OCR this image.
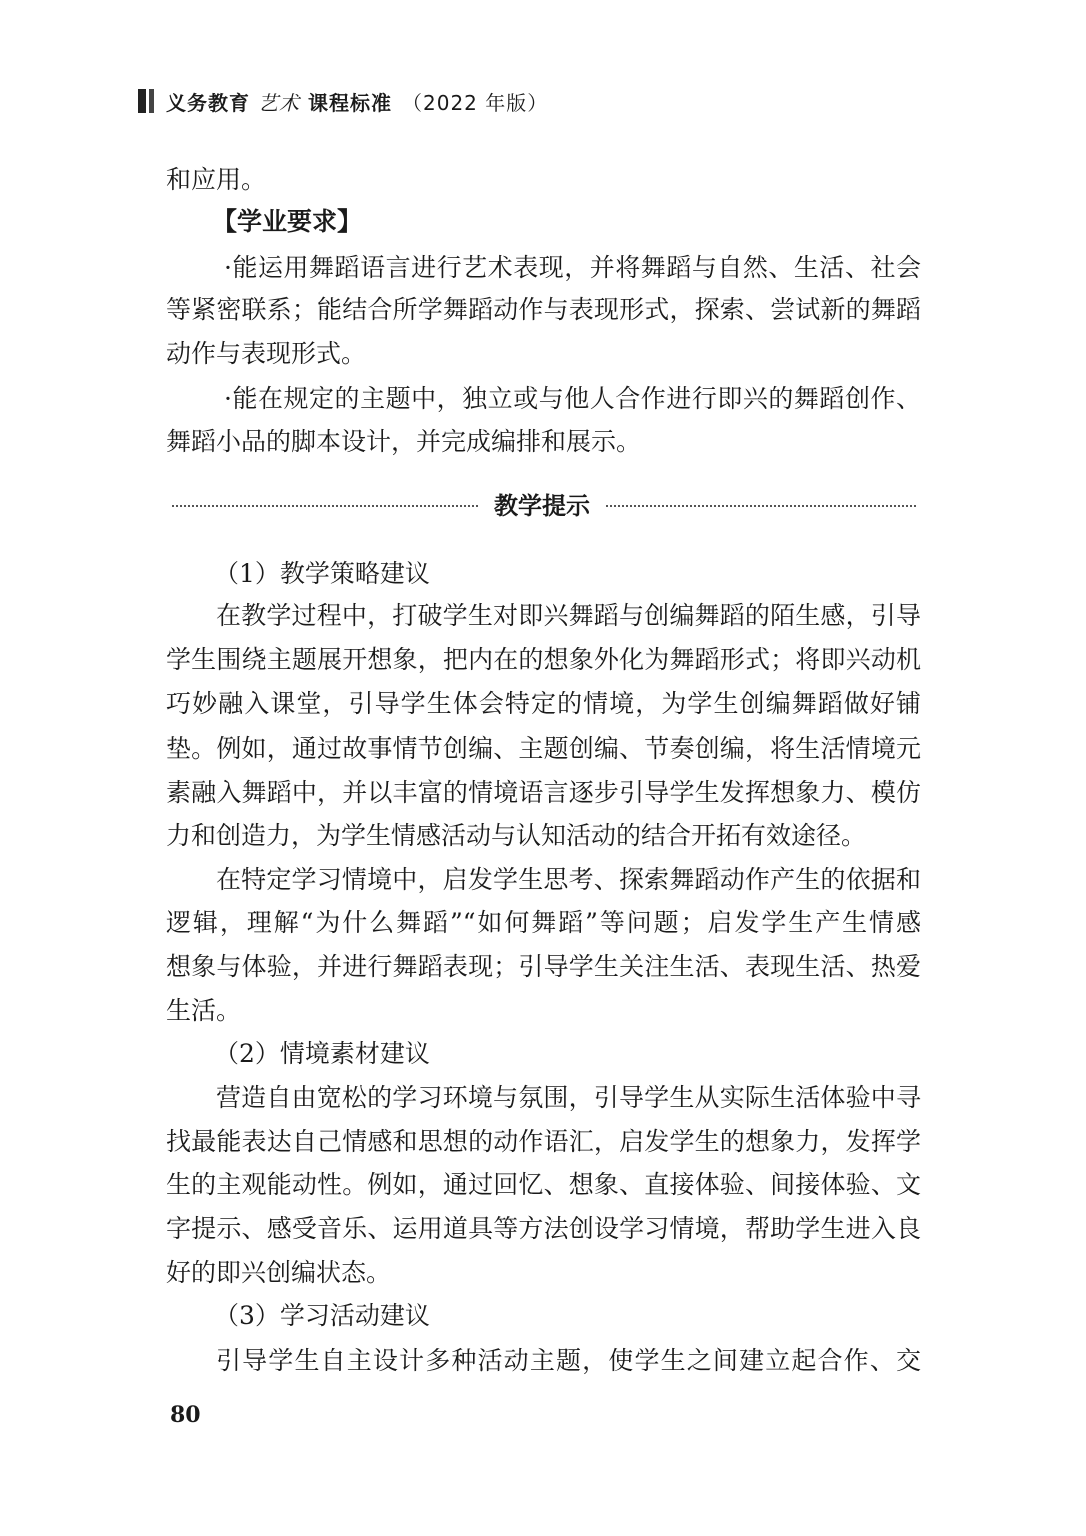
义务教育 艺术 课程标准 （2022 年版）
和应用。
【学业要求】
·能运用舞蹈语言进行艺术表现，并将舞蹈与自然、生活、社会
等紧密联系；能结合所学舞蹈动作与表现形式，探索、尝试新的舞蹈
动作与表现形式。
·能在规定的主题中，独立或与他人合作进行即兴的舞蹈创作、
舞蹈小品的脚本设计，并完成编排和展示。
教学提示
（1）教学策略建议
在教学过程中，打破学生对即兴舞蹈与创编舞蹈的陌生感，引导
学生围绕主题展开想象，把内在的想象外化为舞蹈形式；将即兴动机
巧妙融入课堂，引导学生体会特定的情境，为学生创编舞蹈做好铺
垫。例如，通过故事情节创编、主题创编、节奏创编，将生活情境元
素融入舞蹈中，并以丰富的情境语言逐步引导学生发挥想象力、模仿
力和创造力，为学生情感活动与认知活动的结合开拓有效途径。
在特定学习情境中，启发学生思考、探索舞蹈动作产生的依据和
逻辑，理解“为什么舞蹈”“如何舞蹈”等问题；启发学生产生情感
想象与体验，并进行舞蹈表现；引导学生关注生活、表现生活、热爱
生活。
（2）情境素材建议
营造自由宽松的学习环境与氛围，引导学生从实际生活体验中寻
找最能表达自己情感和思想的动作语汇，启发学生的想象力，发挥学
生的主观能动性。例如，通过回忆、想象、直接体验、间接体验、文
字提示、感受音乐、运用道具等方法创设学习情境，帮助学生进入良
好的即兴创编状态。
（3）学习活动建议
引导学生自主设计多种活动主题，使学生之间建立起合作、交
80
